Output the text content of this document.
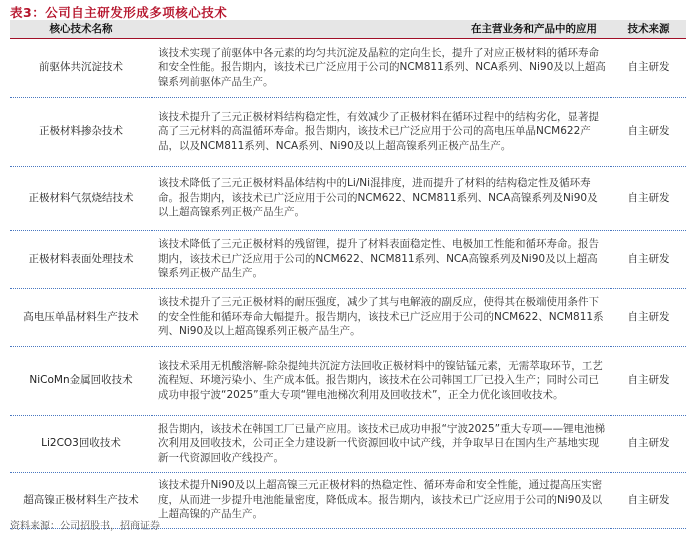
表3：公司自主研发形成多项核心技术
核心技术名称	在主营业务和产品中的应用	技术来源
前驱体共沉淀技术	该技术实现了前驱体中各元素的均匀共沉淀及晶粒的定向生长，提升了对应正极材料的循环寿命和安全性能。报告期内，该技术已广泛应用于公司的NCM811系列、NCA系列、Ni90及以上超高镍系列前驱体产品生产。	自主研发
正极材料掺杂技术	该技术提升了三元正极材料结构稳定性，有效减少了正极材料在循环过程中的结构劣化，显著提高了三元材料的高温循环寿命。报告期内，该技术已广泛应用于公司的高电压单晶NCM622产品，以及NCM811系列、NCA系列、Ni90及以上超高镍系列正极产品生产。	自主研发
正极材料气氛烧结技术	该技术降低了三元正极材料晶体结构中的Li/Ni混排度，进而提升了材料的结构稳定性及循环寿命。报告期内，该技术已广泛应用于公司的NCM622、NCM811系列、NCA高镍系列及Ni90及以上超高镍系列正极产品生产。	自主研发
正极材料表面处理技术	该技术降低了三元正极材料的残留锂，提升了材料表面稳定性、电极加工性能和循环寿命。报告期内，该技术已广泛应用于公司的NCM622、NCM811系列、NCA高镍系列及Ni90及以上超高镍系列正极产品生产。	自主研发
高电压单晶材料生产技术	该技术提升了三元正极材料的耐压强度，减少了其与电解液的副反应，使得其在极端使用条件下的安全性能和循环寿命大幅提升。报告期内，该技术已广泛应用于公司的NCM622、NCM811系列、Ni90及以上超高镍系列正极产品生产。	自主研发
NiCoMn金属回收技术	该技术采用无机酸溶解-除杂提纯共沉淀方法回收正极材料中的镍钴锰元素，无需萃取环节，工艺流程短、环境污染小、生产成本低。报告期内，该技术在公司韩国工厂已投入生产；同时公司已成功申报宁波“2025”重大专项“锂电池梯次利用及回收技术”，正全力优化该回收技术。	自主研发
Li2CO3回收技术	报告期内，该技术在韩国工厂已量产应用。该技术已成功申报“宁波2025”重大专项——锂电池梯次利用及回收技术，公司正全力建设新一代资源回收中试产线，并争取早日在国内生产基地实现新一代资源回收产线投产。	自主研发
超高镍正极材料生产技术	该技术提升Ni90及以上超高镍三元正极材料的热稳定性、循环寿命和安全性能，通过提高压实密度，从而进一步提升电池能量密度，降低成本。报告期内，该技术已广泛应用于公司的Ni90及以上超高镍的产品生产。	自主研发
资料来源：公司招股书，招商证券
